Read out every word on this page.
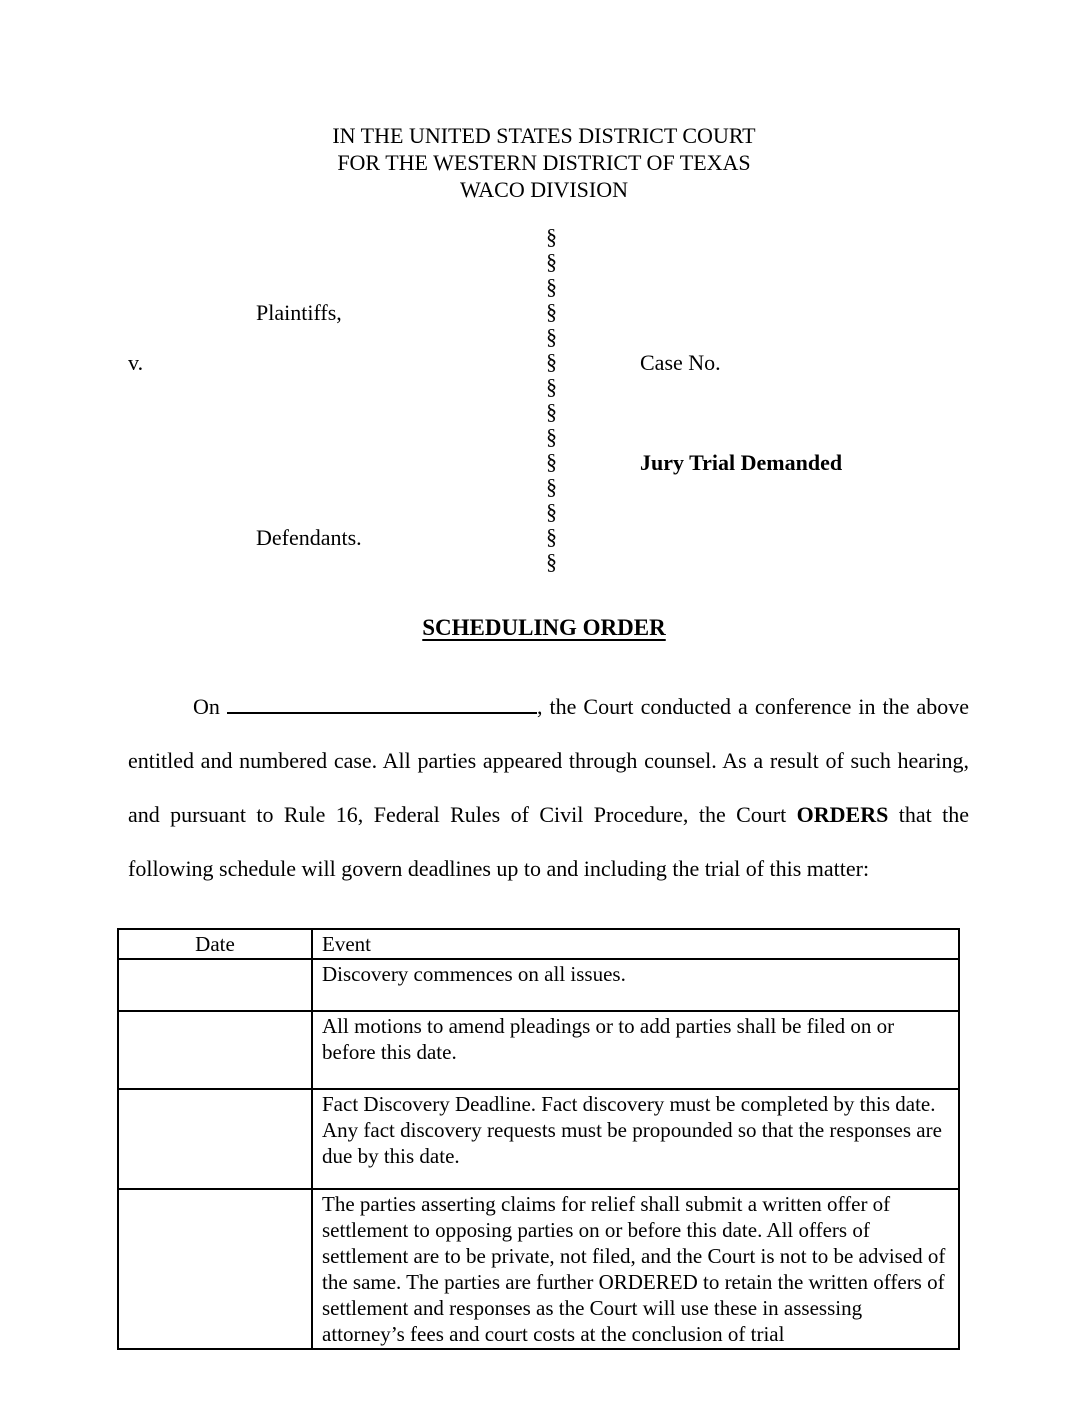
IN THE UNITED STATES DISTRICT COURT
FOR THE WESTERN DISTRICT OF TEXAS
WACO DIVISION
§
§
§
§
§
§
§
§
§
§
§
§
§
§
Plaintiffs,
v.	Case No.
Jury Trial Demanded
Defendants.
SCHEDULING ORDER
On	, the Court conducted a conference in the above entitled and numbered case. All parties appeared through counsel. As a result of such hearing, and pursuant to Rule 16, Federal Rules of Civil Procedure, the Court ORDERS that the following schedule will govern deadlines up to and including the trial of this matter:
Date	Event
	Discovery commences on all issues.
	All motions to amend pleadings or to add parties shall be filed on or before this date.
	Fact Discovery Deadline. Fact discovery must be completed by this date. Any fact discovery requests must be propounded so that the responses are due by this date.
	The parties asserting claims for relief shall submit a written offer of settlement to opposing parties on or before this date. All offers of settlement are to be private, not filed, and the Court is not to be advised of the same. The parties are further ORDERED to retain the written offers of settlement and responses as the Court will use these in assessing attorney’s fees and court costs at the conclusion of trial
